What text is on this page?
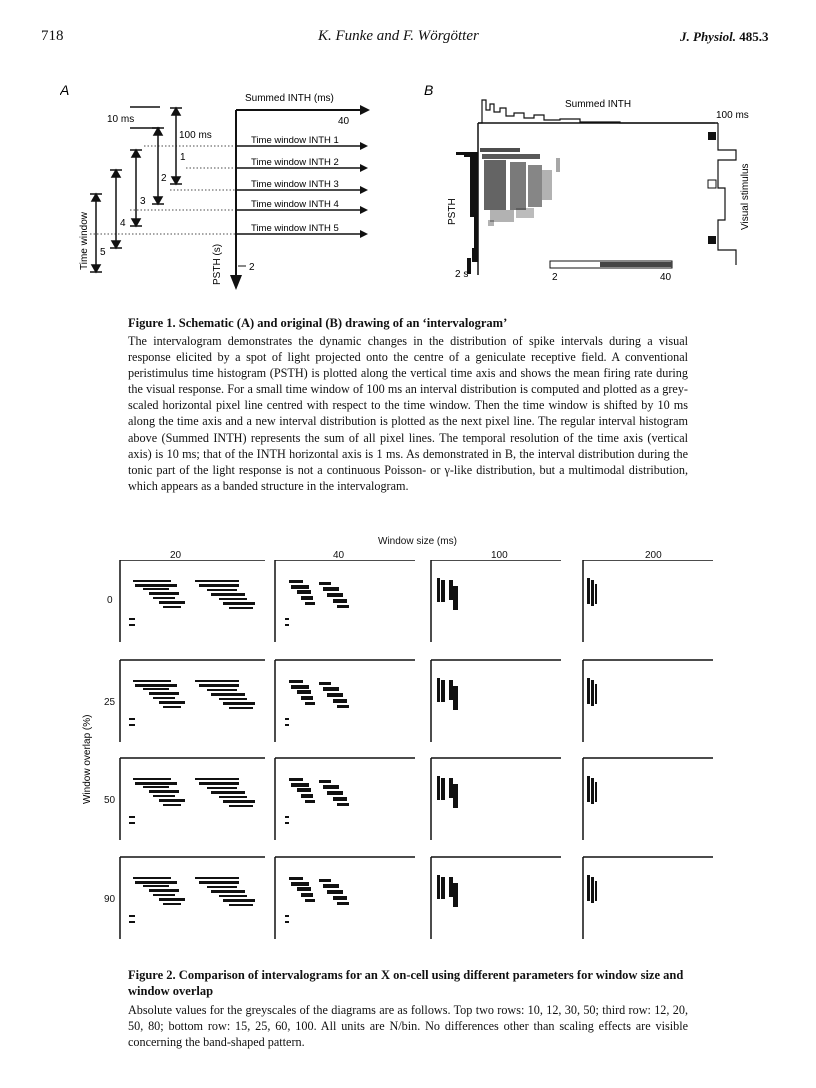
718	K. Funke and F. Wörgötter	J. Physiol. 485.3
A
Summed INTH (ms)
40
PSTH (s)	2
Time window INTH 1
Time window INTH 2
Time window INTH 3
Time window INTH 4
Time window INTH 5
10 ms
100 ms
1
2
3
4
5
Time window
B
Summed INTH
100 ms
PSTH
2 s	2	40
Visual stimulus
Figure 1. Schematic (A) and original (B) drawing of an ‘intervalogram’
The intervalogram demonstrates the dynamic changes in the distribution of spike intervals during a visual response elicited by a spot of light projected onto the centre of a geniculate receptive field. A conventional peristimulus time histogram (PSTH) is plotted along the vertical time axis and shows the mean firing rate during the visual response. For a small time window of 100 ms an interval distribution is computed and plotted as a grey-scaled horizontal pixel line centred with respect to the time window. Then the time window is shifted by 10 ms along the time axis and a new interval distribution is plotted as the next pixel line. The regular interval histogram above (Summed INTH) represents the sum of all pixel lines. The temporal resolution of the time axis (vertical axis) is 10 ms; that of the INTH horizontal axis is 1 ms. As demonstrated in B, the interval distribution during the tonic part of the light response is not a continuous Poisson- or γ-like distribution, but a multimodal distribution, which appears as a banded structure in the intervalogram.
Window size (ms)
20	40	100	200
0
25
50
90
Window overlap (%)
Figure 2. Comparison of intervalograms for an X on-cell using different parameters for window size and window overlap
Absolute values for the greyscales of the diagrams are as follows. Top two rows: 10, 12, 30, 50; third row: 12, 20, 50, 80; bottom row: 15, 25, 60, 100. All units are N/bin. No differences other than scaling effects are visible concerning the band-shaped pattern.
